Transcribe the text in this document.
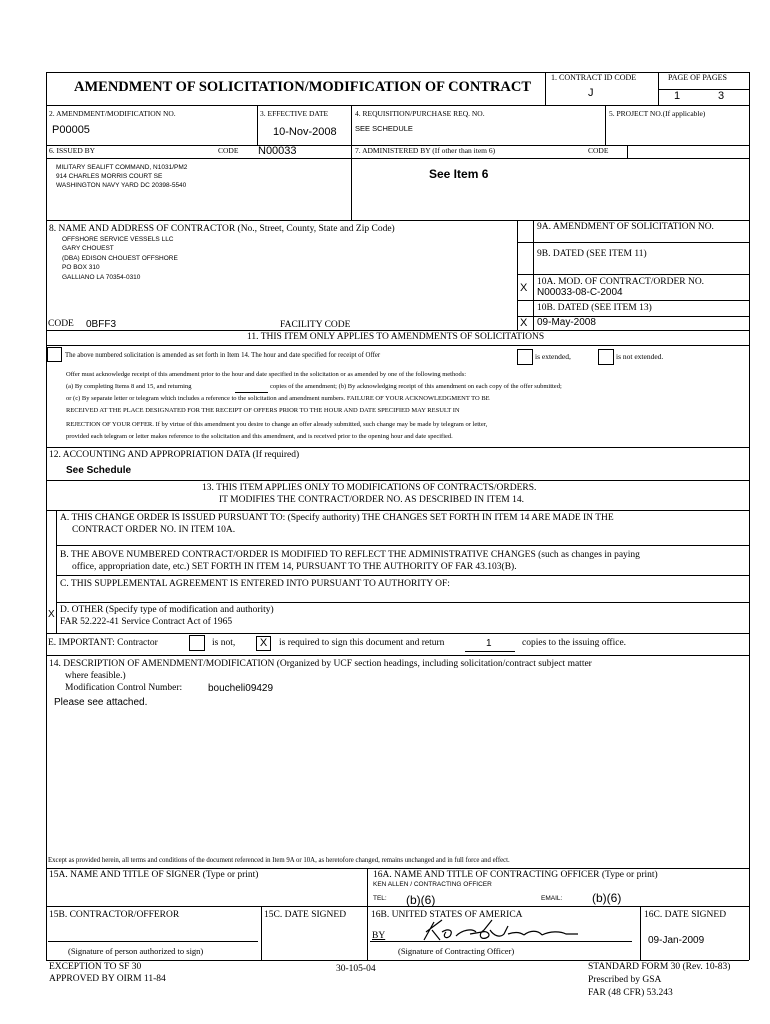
AMENDMENT OF SOLICITATION/MODIFICATION OF CONTRACT
1. CONTRACT ID CODE
J
PAGE OF PAGES
1	3
2. AMENDMENT/MODIFICATION NO.
P00005
3. EFFECTIVE DATE
10-Nov-2008
4. REQUISITION/PURCHASE REQ. NO.
SEE SCHEDULE
5. PROJECT NO.(If applicable)
6. ISSUED BY	CODE N00033	7. ADMINISTERED BY (If other than item 6)	CODE
MILITARY SEALIFT COMMAND, N1031/PM2
914 CHARLES MORRIS COURT SE
WASHINGTON NAVY YARD DC 20398-5540
See Item 6
8. NAME AND ADDRESS OF CONTRACTOR (No., Street, County, State and Zip Code)
OFFSHORE SERVICE VESSELS LLC
GARY CHOUEST
(DBA) EDISON CHOUEST OFFSHORE
PO BOX 310
GALLIANO LA 70354-0310
CODE 0BFF3	FACILITY CODE
9A. AMENDMENT OF SOLICITATION NO.
9B. DATED (SEE ITEM 11)
X 10A. MOD. OF CONTRACT/ORDER NO.
N00033-08-C-2004
10B. DATED (SEE ITEM 13)
X 09-May-2008
11. THIS ITEM ONLY APPLIES TO AMENDMENTS OF SOLICITATIONS
The above numbered solicitation is amended as set forth in Item 14. The hour and date specified for receipt of Offer	is extended,	is not extended.
Offer must acknowledge receipt of this amendment prior to the hour and date specified in the solicitation or as amended by one of the following methods:
(a) By completing Items 8 and 15, and returning	copies of the amendment; (b) By acknowledging receipt of this amendment on each copy of the offer submitted;
or (c) By separate letter or telegram which includes a reference to the solicitation and amendment numbers. FAILURE OF YOUR ACKNOWLEDGMENT TO BE
RECEIVED AT THE PLACE DESIGNATED FOR THE RECEIPT OF OFFERS PRIOR TO THE HOUR AND DATE SPECIFIED MAY RESULT IN
REJECTION OF YOUR OFFER. If by virtue of this amendment you desire to change an offer already submitted, such change may be made by telegram or letter,
provided each telegram or letter makes reference to the solicitation and this amendment, and is received prior to the opening hour and date specified.
12. ACCOUNTING AND APPROPRIATION DATA (If required)
See Schedule
13. THIS ITEM APPLIES ONLY TO MODIFICATIONS OF CONTRACTS/ORDERS.
IT MODIFIES THE CONTRACT/ORDER NO. AS DESCRIBED IN ITEM 14.
A. THIS CHANGE ORDER IS ISSUED PURSUANT TO: (Specify authority) THE CHANGES SET FORTH IN ITEM 14 ARE MADE IN THE
CONTRACT ORDER NO. IN ITEM 10A.
B. THE ABOVE NUMBERED CONTRACT/ORDER IS MODIFIED TO REFLECT THE ADMINISTRATIVE CHANGES (such as changes in paying
office, appropriation date, etc.) SET FORTH IN ITEM 14, PURSUANT TO THE AUTHORITY OF FAR 43.103(B).
C. THIS SUPPLEMENTAL AGREEMENT IS ENTERED INTO PURSUANT TO AUTHORITY OF:
X D. OTHER (Specify type of modification and authority)
FAR 52.222-41 Service Contract Act of 1965
E. IMPORTANT: Contractor	is not,	X	is required to sign this document and return	1	copies to the issuing office.
14. DESCRIPTION OF AMENDMENT/MODIFICATION (Organized by UCF section headings, including solicitation/contract subject matter
where feasible.)
Modification Control Number:	boucheli09429
Please see attached.
Except as provided herein, all terms and conditions of the document referenced in Item 9A or 10A, as heretofore changed, remains unchanged and in full force and effect.
15A. NAME AND TITLE OF SIGNER (Type or print)	16A. NAME AND TITLE OF CONTRACTING OFFICER (Type or print)
KEN ALLEN / CONTRACTING OFFICER
TEL: (b)(6)	EMAIL: (b)(6)
15B. CONTRACTOR/OFFEROR	15C. DATE SIGNED	16B. UNITED STATES OF AMERICA
BY
16C. DATE SIGNED
09-Jan-2009
(Signature of person authorized to sign)	(Signature of Contracting Officer)
EXCEPTION TO SF 30
APPROVED BY OIRM 11-84
30-105-04	STANDARD FORM 30 (Rev. 10-83)
Prescribed by GSA
FAR (48 CFR) 53.243
